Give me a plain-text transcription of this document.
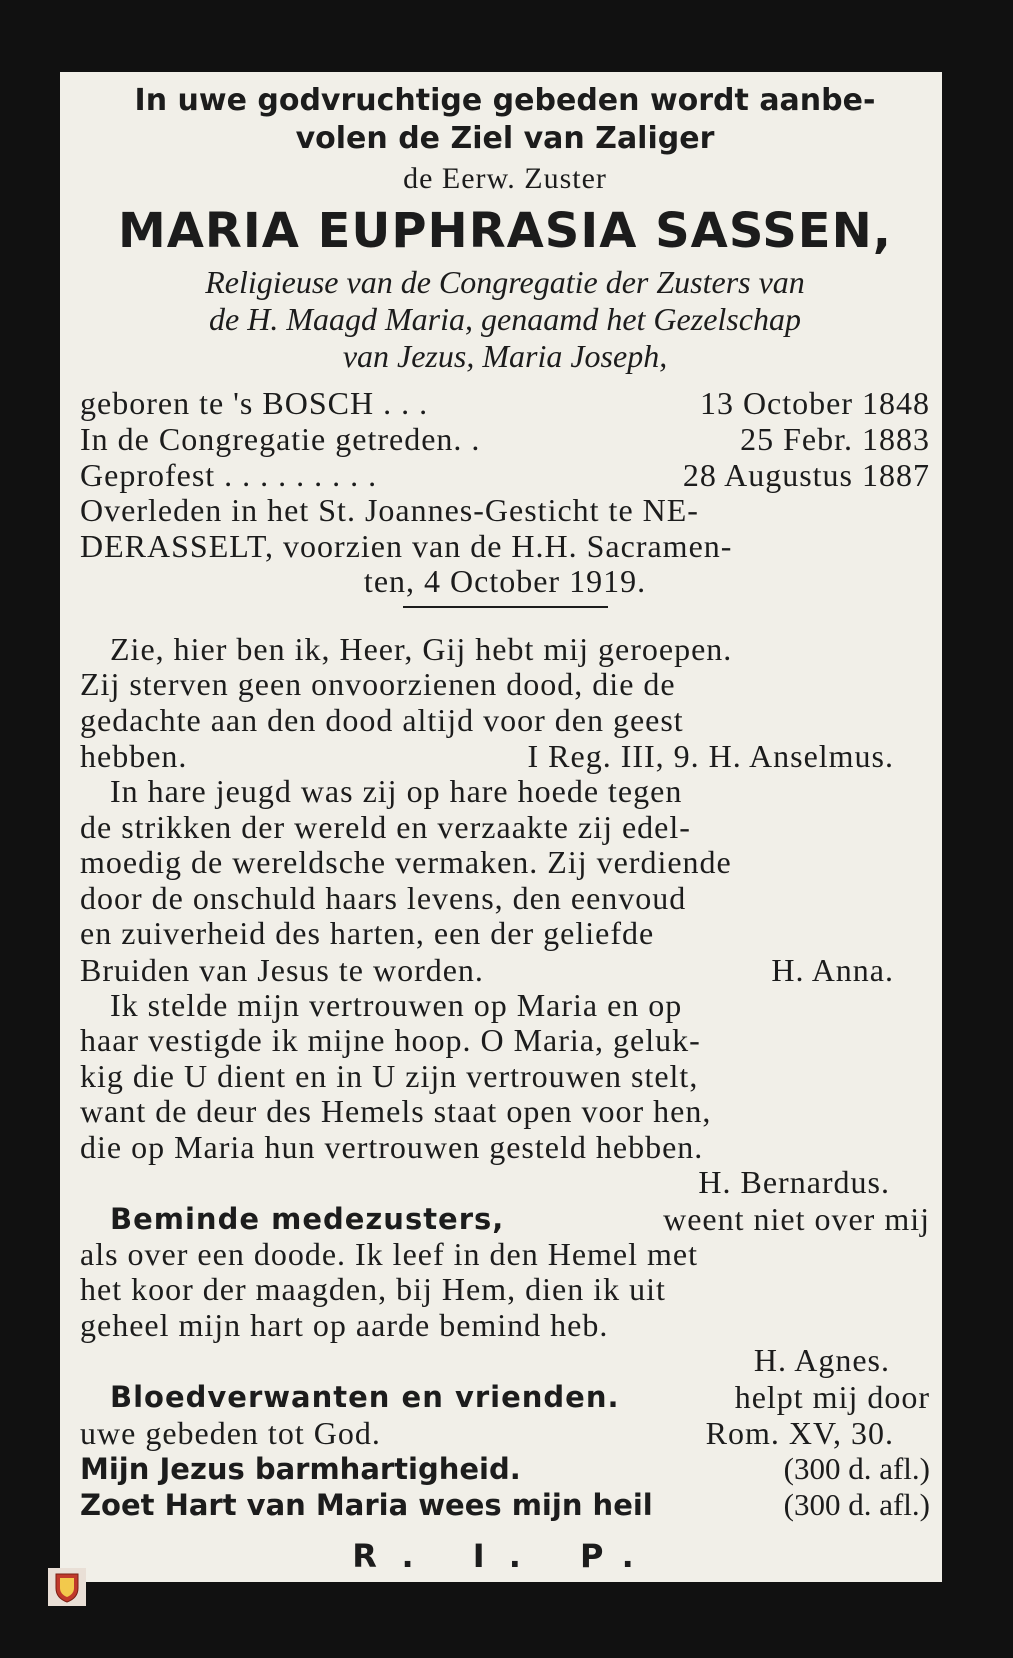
In uwe godvruchtige gebeden wordt aanbe-
volen de Ziel van Zaliger
de Eerw. Zuster
MARIA EUPHRASIA SASSEN,
Religieuse van de Congregatie der Zusters van
de H. Maagd Maria, genaamd het Gezelschap
van Jezus, Maria Joseph,
geboren te 's BOSCH . . .	13 October 1848
In de Congregatie getreden. .	25 Febr. 1883
Geprofest . . . . . . . . .	28 Augustus 1887
Overleden in het St. Joannes-Gesticht te NE-
DERASSELT, voorzien van de H.H. Sacramen-
ten, 4 October 1919.
Zie, hier ben ik, Heer, Gij hebt mij geroepen.
Zij sterven geen onvoorzienen dood, die de
gedachte aan den dood altijd voor den geest
hebben.	I Reg. III, 9. H. Anselmus.
In hare jeugd was zij op hare hoede tegen
de strikken der wereld en verzaakte zij edel-
moedig de wereldsche vermaken. Zij verdiende
door de onschuld haars levens, den eenvoud
en zuiverheid des harten, een der geliefde
Bruiden van Jesus te worden.	H. Anna.
Ik stelde mijn vertrouwen op Maria en op
haar vestigde ik mijne hoop. O Maria, geluk-
kig die U dient en in U zijn vertrouwen stelt,
want de deur des Hemels staat open voor hen,
die op Maria hun vertrouwen gesteld hebben.
H. Bernardus.
Beminde medezusters,	weent niet over mij
als over een doode. Ik leef in den Hemel met
het koor der maagden, bij Hem, dien ik uit
geheel mijn hart op aarde bemind heb.
H. Agnes.
Bloedverwanten en vrienden.	helpt mij door
uwe gebeden tot God.	Rom. XV, 30.
Mijn Jezus barmhartigheid.	(300 d. afl.)
Zoet Hart van Maria wees mijn heil	(300 d. afl.)
R. I. P.
